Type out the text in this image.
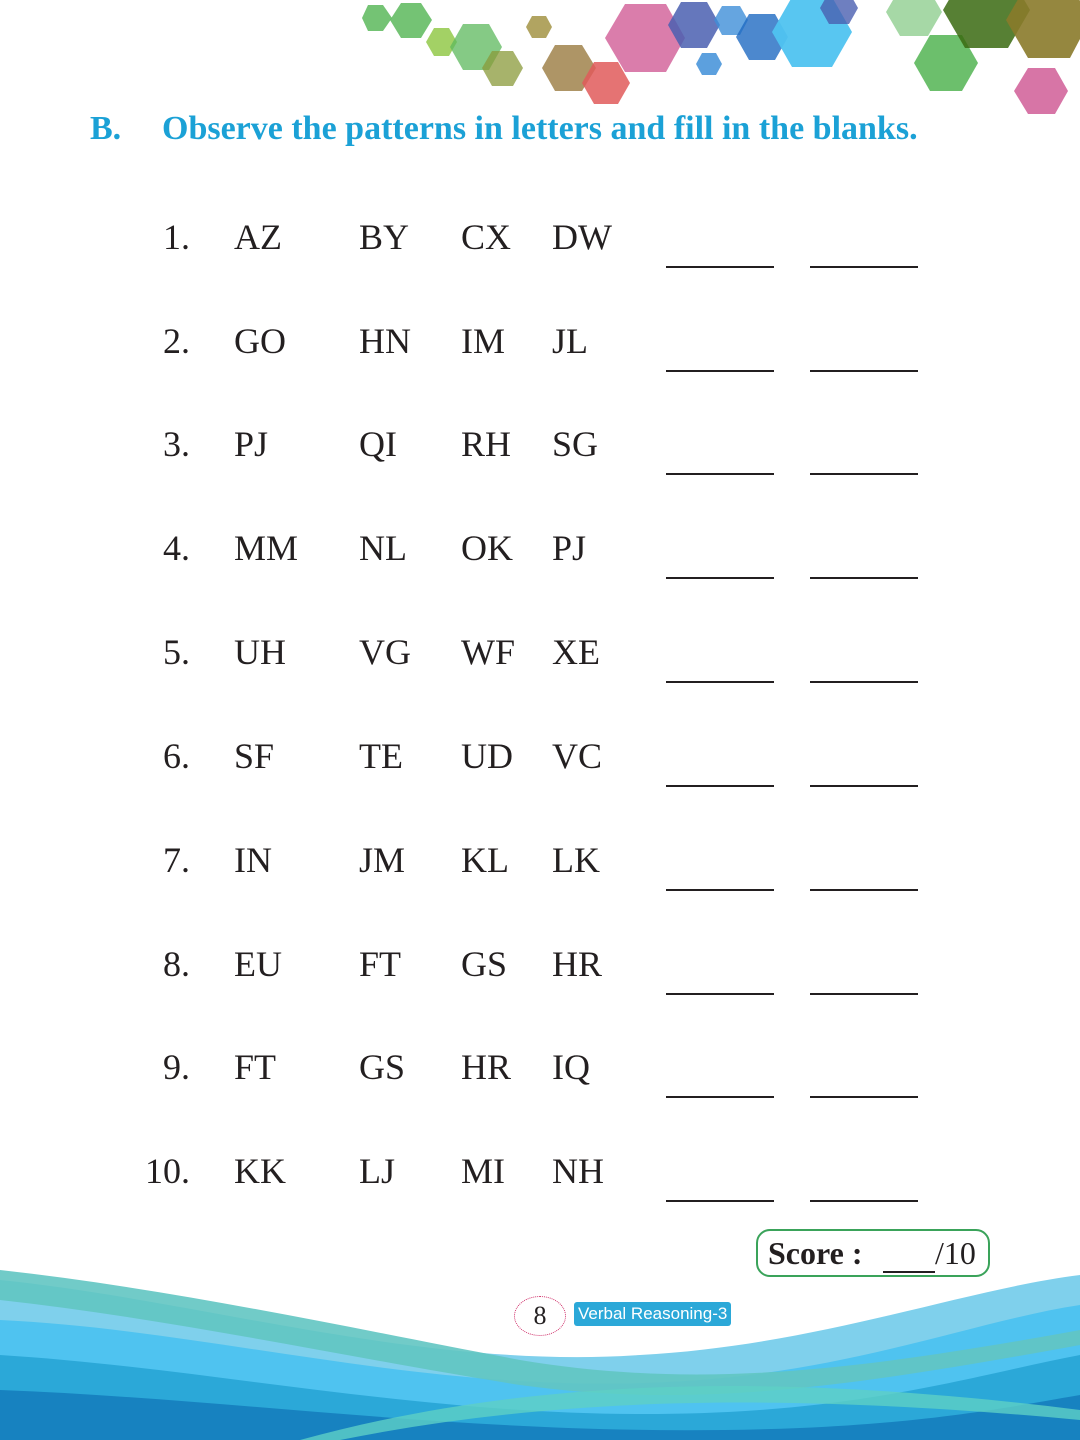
B. Observe the patterns in letters and fill in the blanks.
1. AZ BY CX DW
2. GO HN IM JL
3. PJ	QI RH SG
4. MM NL OK PJ
5. UH VG WF XE
6. SF TE UD VC
7. IN JM KL LK
8. EU FT GS HR
9. FT GS HR IQ
10. KK LJ MI NH
Score : /10
8	Verbal Reasoning-3
